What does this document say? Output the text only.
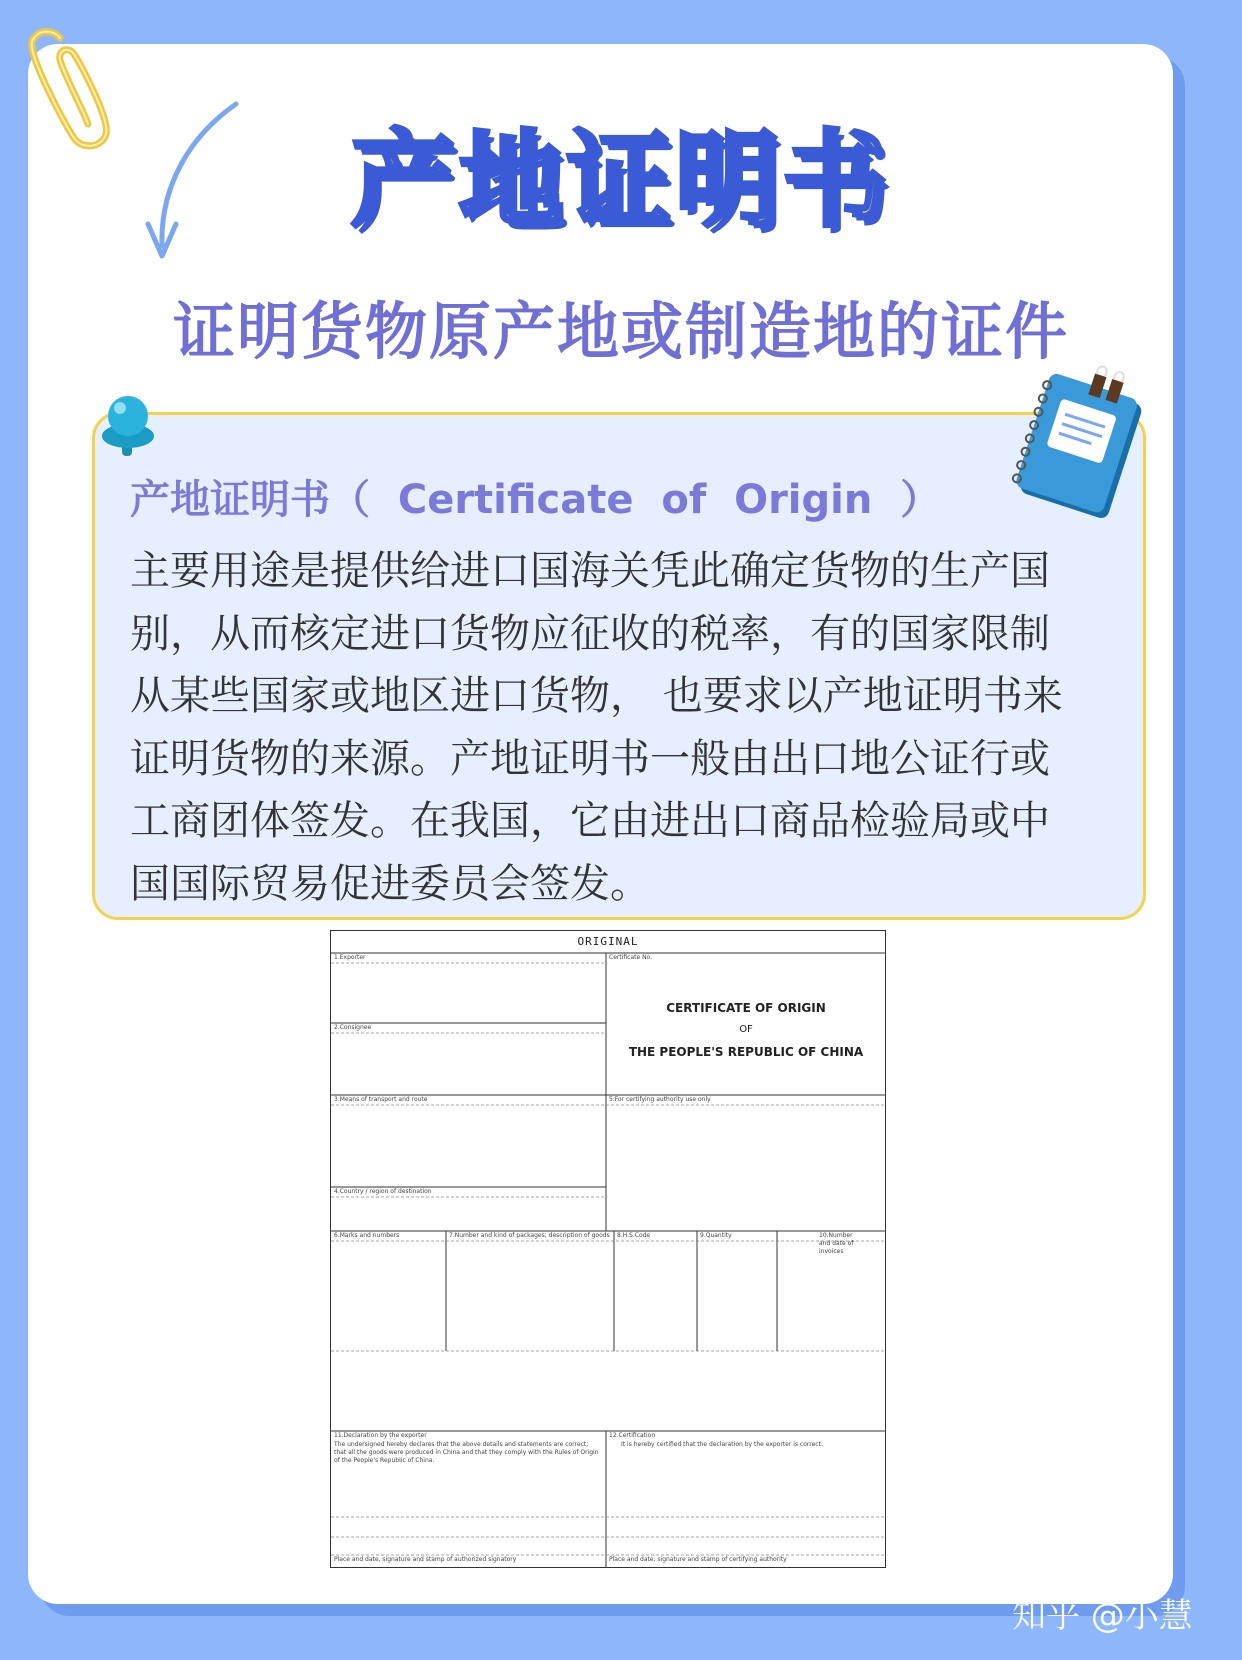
产地证明书
证明货物原产地或制造地的证件
产地证明书（  Certificate  of  Origin  ）
主要用途是提供给进口国海关凭此确定货物的生产国
别，从而核定进口货物应征收的税率，有的国家限制
从某些国家或地区进口货物， 也要求以产地证明书来
证明货物的来源。产地证明书一般由出口地公证行或
工商团体签发。在我国，它由进出口商品检验局或中
国国际贸易促进委员会签发。
ORIGINAL
CERTIFICATE OF ORIGIN
OF
THE PEOPLE'S REPUBLIC OF CHINA
1.Exporter	Certificate No.
2.Consignee
3.Means of transport and route	5.For certifying authority use only
4.Country / region of destination
6.Marks and numbers	7.Number and kind of packages; description of goods	8.H.S.Code	9.Quantity	10.Number and date of invoices
11.Declaration by the exporter	12.Certification
The undersigned hereby declares that the above details and statements are correct; that all the goods were produced in China and that they comply with the Rules of Origin of the People's Republic of China.
It is hereby certified that the declaration by the exporter is correct.
Place and date, signature and stamp of authorized signatory	Place and date, signature and stamp of certifying authority
知乎 @小慧
